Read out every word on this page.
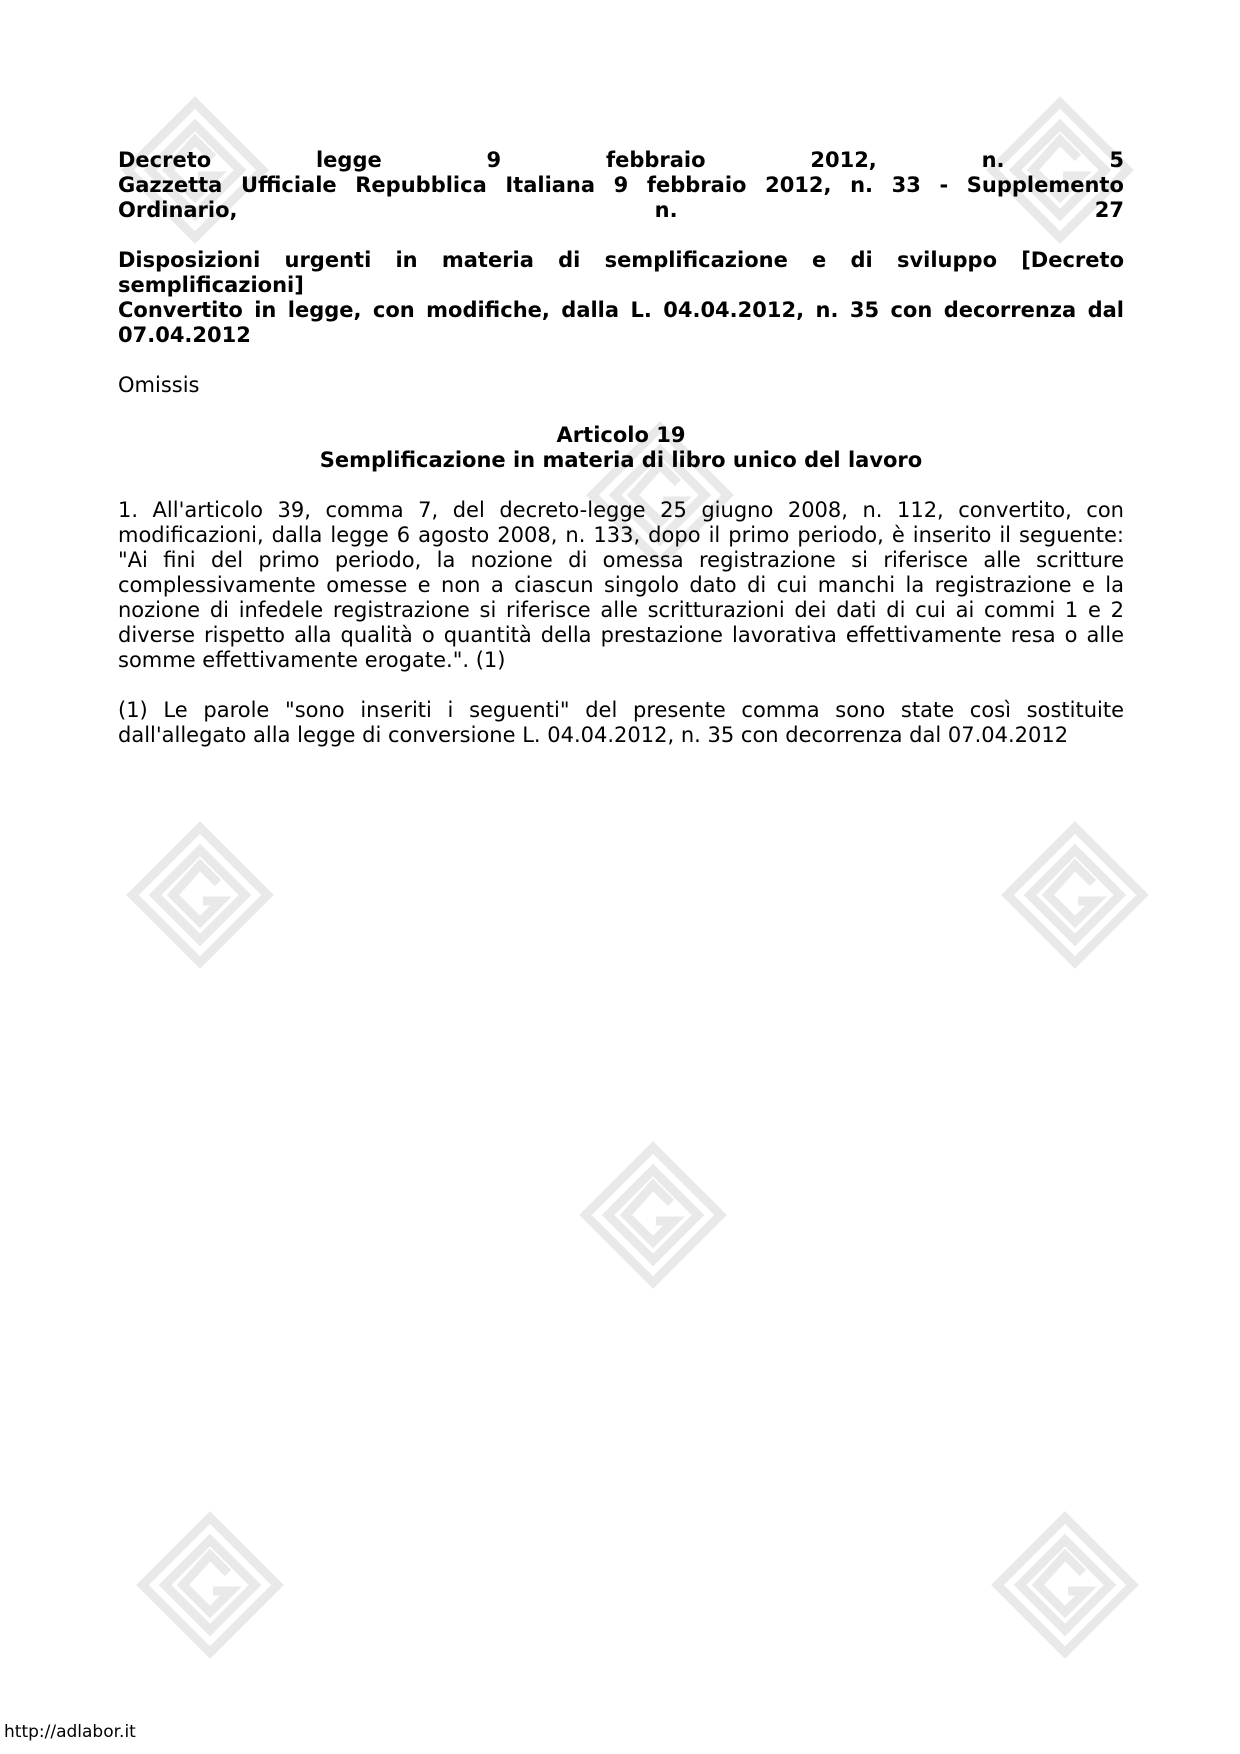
Decreto	legge	9	febbraio	2012,	n.	5
Gazzetta Ufficiale Repubblica Italiana 9 febbraio 2012, n. 33 - Supplemento
Ordinario,	n.	27

Disposizioni urgenti in materia di semplificazione e di sviluppo [Decreto semplificazioni]

Convertito in legge, con modifiche, dalla L. 04.04.2012, n. 35 con decorrenza dal 07.04.2012

Omissis

Articolo 19
Semplificazione in materia di libro unico del lavoro

1. All'articolo 39, comma 7, del decreto-legge 25 giugno 2008, n. 112, convertito, con modificazioni, dalla legge 6 agosto 2008, n. 133, dopo il primo periodo, è inserito il seguente: "Ai fini del primo periodo, la nozione di omessa registrazione si riferisce alle scritture complessivamente omesse e non a ciascun singolo dato di cui manchi la registrazione e la nozione di infedele registrazione si riferisce alle scritturazioni dei dati di cui ai commi 1 e 2 diverse rispetto alla qualità o quantità della prestazione lavorativa effettivamente resa o alle somme effettivamente erogate.". (1)

(1) Le parole "sono inseriti i seguenti" del presente comma sono state così sostituite dall'allegato alla legge di conversione L. 04.04.2012, n. 35 con decorrenza dal 07.04.2012

http://adlabor.it
